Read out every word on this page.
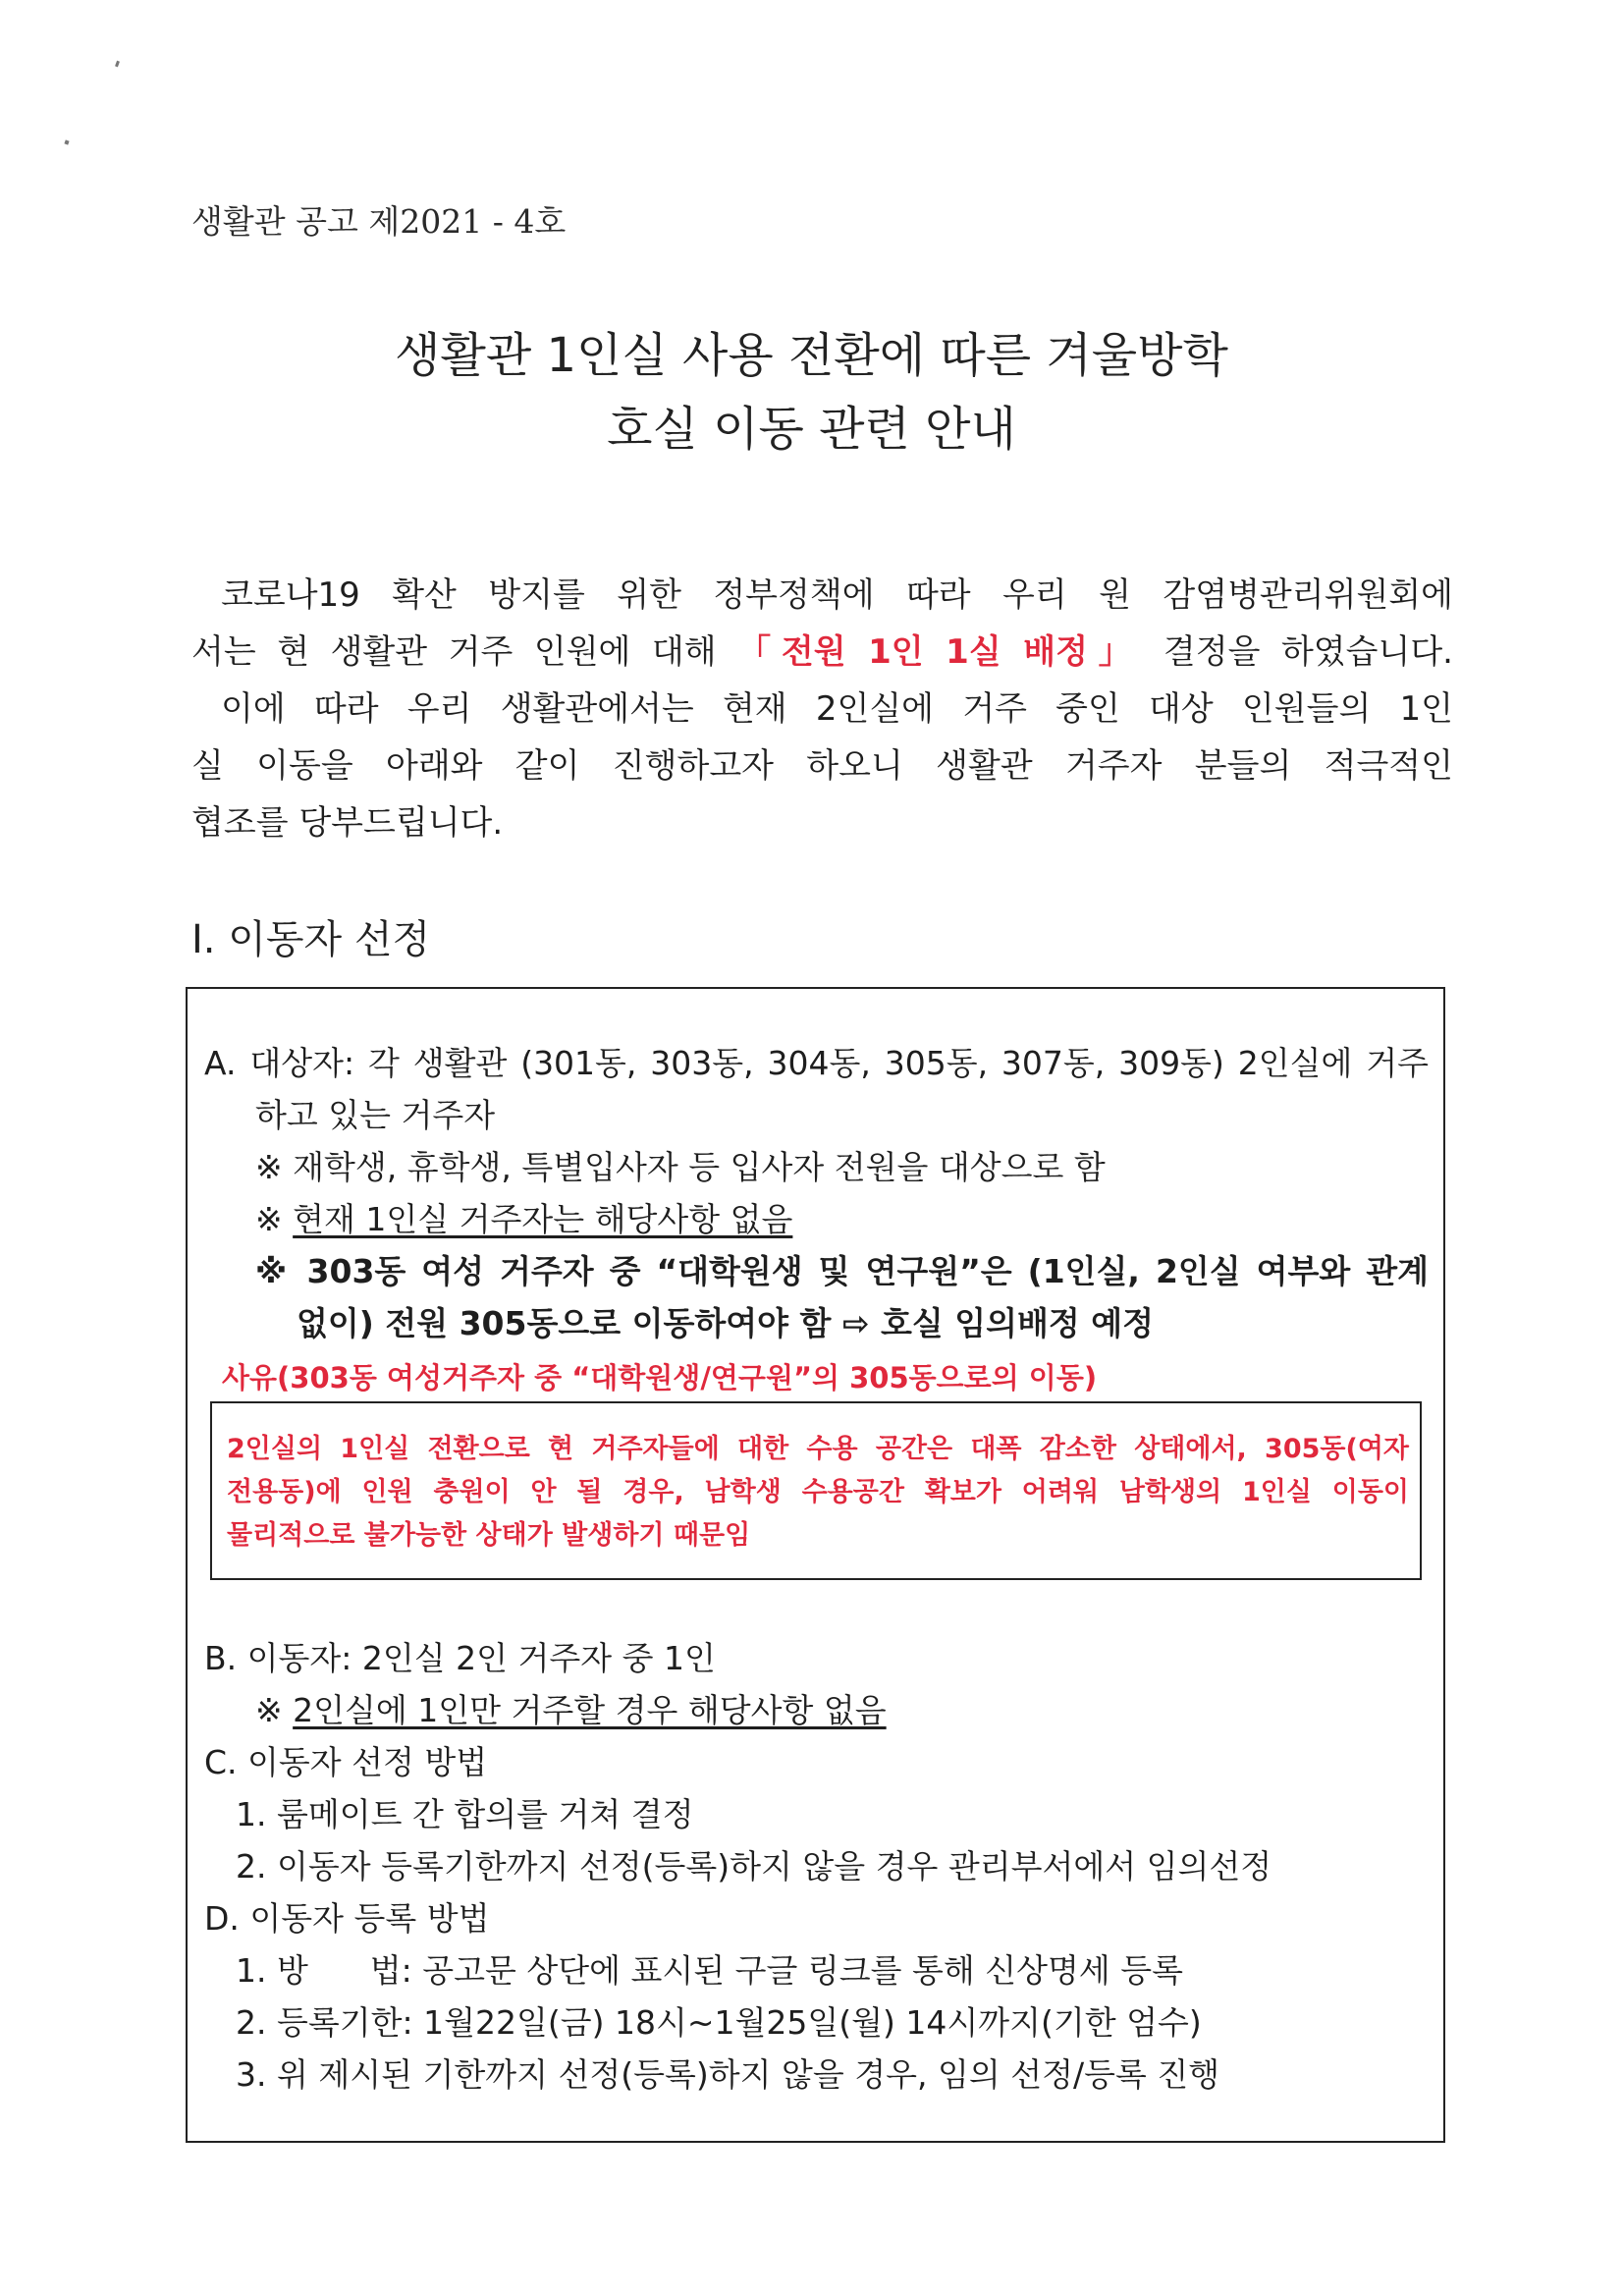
생활관 공고 제2021 - 4호
생활관 1인실 사용 전환에 따른 겨울방학
호실 이동 관련 안내
코로나19 확산 방지를 위한 정부정책에 따라 우리 원 감염병관리위원회에
서는 현 생활관 거주 인원에 대해 「전원 1인 1실 배정」 결정을 하였습니다.
이에 따라 우리 생활관에서는 현재 2인실에 거주 중인 대상 인원들의 1인
실 이동을 아래와 같이 진행하고자 하오니 생활관 거주자 분들의 적극적인
협조를 당부드립니다.
Ⅰ. 이동자 선정
A. 대상자: 각 생활관 (301동, 303동, 304동, 305동, 307동, 309동) 2인실에 거주
하고 있는 거주자
※ 재학생, 휴학생, 특별입사자 등 입사자 전원을 대상으로 함
※ 현재 1인실 거주자는 해당사항 없음
※ 303동 여성 거주자 중 “대학원생 및 연구원”은 (1인실, 2인실 여부와 관계
없이) 전원 305동으로 이동하여야 함 ⇨ 호실 임의배정 예정
사유(303동 여성거주자 중 “대학원생/연구원”의 305동으로의 이동)
2인실의 1인실 전환으로 현 거주자들에 대한 수용 공간은 대폭 감소한 상태에서, 305동(여자
전용동)에 인원 충원이 안 될 경우, 남학생 수용공간 확보가 어려워 남학생의 1인실 이동이
물리적으로 불가능한 상태가 발생하기 때문임
B. 이동자: 2인실 2인 거주자 중 1인
※ 2인실에 1인만 거주할 경우 해당사항 없음
C. 이동자 선정 방법
1. 룸메이트 간 합의를 거쳐 결정
2. 이동자 등록기한까지 선정(등록)하지 않을 경우 관리부서에서 임의선정
D. 이동자 등록 방법
1. 방      법: 공고문 상단에 표시된 구글 링크를 통해 신상명세 등록
2. 등록기한: 1월22일(금) 18시~1월25일(월) 14시까지(기한 엄수)
3. 위 제시된 기한까지 선정(등록)하지 않을 경우, 임의 선정/등록 진행
